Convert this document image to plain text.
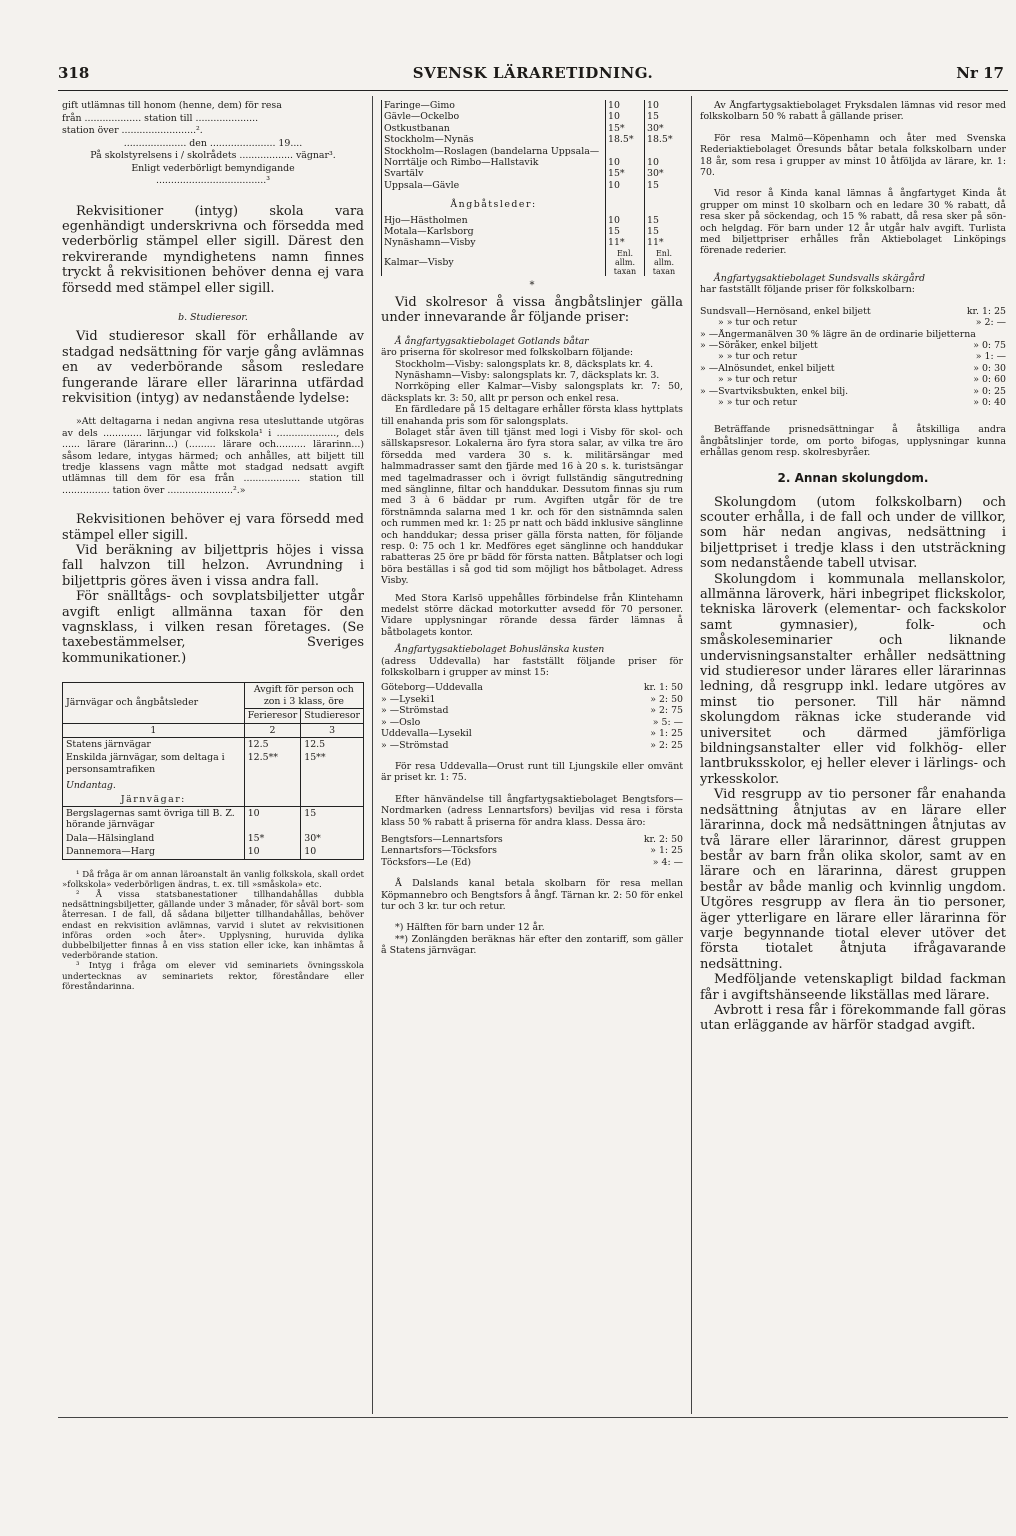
318	SVENSK LÄRARETIDNING.	Nr 17
gift utlämnas till honom (henne, dem) för resa
från ................... station till .....................
station över .........................².
..................... den ...................... 19....
På skolstyrelsens i / skolrådets .................. vägnar³.
Enligt vederbörligt bemyndigande
.....................................³

Rekvisitioner (intyg) skola vara egenhändigt underskrivna och försedda med vederbörlig stämpel eller sigill. Därest den rekvirerande myndighetens namn finnes tryckt å rekvisitionen behöver denna ej vara försedd med stämpel eller sigill.

b. Studieresor.

Vid studieresor skall för erhållande av stadgad nedsättning för varje gång avlämnas en av vederbörande såsom resledare fungerande lärare eller lärarinna utfärdad rekvisition (intyg) av nedanstående lydelse:

»Att deltagarna i nedan angivna resa utesluttande utgöras av dels ............. lärjungar vid folkskola¹ i ...................., dels ...... lärare (lärarinn...) (......... lärare och.......... lärarinn...) såsom ledare, intygas härmed; och anhålles, att biljett till tredje klassens vagn måtte mot stadgad nedsatt avgift utlämnas till dem för esa från ................... station till ................ tation över ......................².»

Rekvisitionen behöver ej vara försedd med stämpel eller sigill.

Vid beräkning av biljettpris höjes i vissa fall halvzon till helzon. Avrundning i biljettpris göres även i vissa andra fall.

För snälltågs- och sovplatsbiljetter utgår avgift enligt allmänna taxan för den vagnsklass, i vilken resan företages. (Se taxebestämmelser, Sveriges kommunikationer.)

Järnvägar och ångbåtsleder	Avgift för person och zon i 3 klass, öre	
	Ferieresor	Studieresor
1	2	3
Statens järnvägar	12.5	12.5
Enskilda järnvägar, som deltaga i personsamtrafiken	12.5**	15**
Undantag.		
Järnvägar:		
Bergslagernas samt övriga till B. Z. hörande järnvägar	10	15
Dala—Hälsingland	15*	30*
Dannemora—Harg	10	10

¹ Då fråga är om annan läroanstalt än vanlig folkskola, skall ordet »folkskola» vederbörligen ändras, t. ex. till »småskola» etc.

² Å vissa statsbanestationer tillhandahållas dubbla nedsättningsbiljetter, gällande under 3 månader, för såväl bort- som återresan. I de fall, då sådana biljetter tillhandahållas, behöver endast en rekvisition avlämnas, varvid i slutet av rekvisitionen införas orden »och åter». Upplysning, huruvida dylika dubbelbiljetter finnas å en viss station eller icke, kan inhämtas å vederbörande station.

³ Intyg i fråga om elever vid seminariets övningsskola undertecknas av seminariets rektor, föreståndare eller föreståndarinna.

Faringe—Gimo	10	10
Gävle—Ockelbo	10	15
Ostkustbanan	15*	30*
Stockholm—Nynäs	18.5*	18.5*
Stockholm—Roslagen (bandelarna Uppsala—Norrtälje och Rimbo—Hallstavik	10	10
Svartälv	15*	30*
Uppsala—Gävle	10	15
Ångbåtsleder:		
Hjo—Hästholmen	10	15
Motala—Karlsborg	15	15
Nynäshamn—Visby	11*	11*
Kalmar—Visby	Enl. allm. taxan	Enl. allm. taxan
*

Vid skolresor å vissa ångbåtslinjer gälla under innevarande år följande priser:

Å ångfartygsaktiebolaget Gotlands båtar

äro priserna för skolresor med folkskolbarn följande:

Stockholm—Visby: salongsplats kr. 8, däcksplats kr. 4.

Nynäshamn—Visby: salongsplats kr. 7, däcksplats kr. 3.

Norrköping eller Kalmar—Visby salongsplats kr. 7: 50, däcksplats kr. 3: 50, allt pr person och enkel resa.

En färdledare på 15 deltagare erhåller första klass hyttplats till enahanda pris som för salongsplats.

Bolaget står även till tjänst med logi i Visby för skol- och sällskapsresor. Lokalerna äro fyra stora salar, av vilka tre äro försedda med vardera 30 s. k. militärsängar med halmmadrasser samt den fjärde med 16 à 20 s. k. turistsängar med tagelmadrasser och i övrigt fullständig sängutredning med sänglinne, filtar och handdukar. Dessutom finnas sju rum med 3 à 6 bäddar pr rum. Avgiften utgår för de tre förstnämnda salarna med 1 kr. och för den sistnämnda salen och rummen med kr. 1: 25 pr natt och bädd inklusive sänglinne och handdukar; dessa priser gälla första natten, för följande resp. 0: 75 och 1 kr. Medföres eget sänglinne och handdukar rabatteras 25 öre pr bädd för första natten. Båtplatser och logi böra beställas i så god tid som möjligt hos båtbolaget. Adress Visby.

Med Stora Karlsö uppehålles förbindelse från Klintehamn medelst större däckad motorkutter avsedd för 70 personer. Vidare upplysningar rörande dessa färder lämnas å båtbolagets kontor.

Ångfartygsaktiebolaget Bohuslänska kusten

(adress Uddevalla) har fastställt följande priser för folkskolbarn i grupper av minst 15:

Göteborg—Uddevalla	kr. 1: 50
» —Lyseki1	» 2: 50
» —Strömstad	» 2: 75
» —Oslo	» 5: —
Uddevalla—Lysekil	» 1: 25
» —Strömstad	» 2: 25

För resa Uddevalla—Orust runt till Ljungskile eller omvänt är priset kr. 1: 75.

Efter hänvändelse till ångfartygsaktiebolaget Bengtsfors—Nordmarken (adress Lennartsfors) beviljas vid resa i första klass 50 % rabatt å priserna för andra klass. Dessa äro:

Bengtsfors—Lennartsfors	kr. 2: 50
Lennartsfors—Töcksfors	» 1: 25
Töcksfors—Le (Ed)	» 4: —

Å Dalslands kanal betala skolbarn för resa mellan Köpmannebro och Bengtsfors å ångf. Tärnan kr. 2: 50 för enkel tur och 3 kr. tur och retur.

*) Hälften för barn under 12 år.

**) Zonlängden beräknas här efter den zontariff, som gäller å Statens järnvägar.

Av Ångfartygsaktiebolaget Fryksdalen lämnas vid resor med folkskolbarn 50 % rabatt å gällande priser.

För resa Malmö—Köpenhamn och åter med Svenska Rederiaktiebolaget Öresunds båtar betala folkskolbarn under 18 år, som resa i grupper av minst 10 åtföljda av lärare, kr. 1: 70.

Vid resor å Kinda kanal lämnas å ångfartyget Kinda åt grupper om minst 10 skolbarn och en ledare 30 % rabatt, då resa sker på söckendag, och 15 % rabatt, då resa sker på sön- och helgdag. För barn under 12 år utgår halv avgift. Turlista med biljettpriser erhålles från Aktiebolaget Linköpings förenade rederier.

Ångfartygsaktiebolaget Sundsvalls skärgård

har fastställt följande priser för folkskolbarn:

Sundsvall—Hernösand, enkel biljett	kr. 1: 25
» » tur och retur	» 2: —
» —Ångermanälven 30 % lägre än de ordinarie biljetterna
» —Söråker, enkel biljett	» 0: 75
» » tur och retur	» 1: —
» —Alnösundet, enkel biljett	» 0: 30
» » tur och retur	» 0: 60
» —Svartviksbukten, enkel bilj.	» 0: 25
» » tur och retur	» 0: 40

Beträffande prisnedsättningar å åtskilliga andra ångbåtslinjer torde, om porto bifogas, upplysningar kunna erhållas genom resp. skolresbyråer.

2. Annan skolungdom.

Skolungdom (utom folkskolbarn) och scouter erhålla, i de fall och under de villkor, som här nedan angivas, nedsättning i biljettpriset i tredje klass i den utsträckning som nedanstående tabell utvisar.

Skolungdom i kommunala mellanskolor, allmänna läroverk, häri inbegripet flickskolor, tekniska läroverk (elementar- och fackskolor samt gymnasier), folk- och småskoleseminarier och liknande undervisningsanstalter erhåller nedsättning vid studieresor under lärares eller lärarinnas ledning, då resgrupp inkl. ledare utgöres av minst tio personer. Till här nämnd skolungdom räknas icke studerande vid universitet och därmed jämförliga bildningsanstalter eller vid folkhög- eller lantbruksskolor, ej heller elever i lärlings- och yrkesskolor.

Vid resgrupp av tio personer får enahanda nedsättning åtnjutas av en lärare eller lärarinna, dock må nedsättningen åtnjutas av två lärare eller lärarinnor, därest gruppen består av barn från olika skolor, samt av en lärare och en lärarinna, därest gruppen består av både manlig och kvinnlig ungdom. Utgöres resgrupp av flera än tio personer, äger ytterligare en lärare eller lärarinna för varje begynnande tiotal elever utöver det första tiotalet åtnjuta ifrågavarande nedsättning.

Medföljande vetenskapligt bildad fackman får i avgiftshänseende likställas med lärare.

Avbrott i resa får i förekommande fall göras utan erläggande av härför stadgad avgift.
